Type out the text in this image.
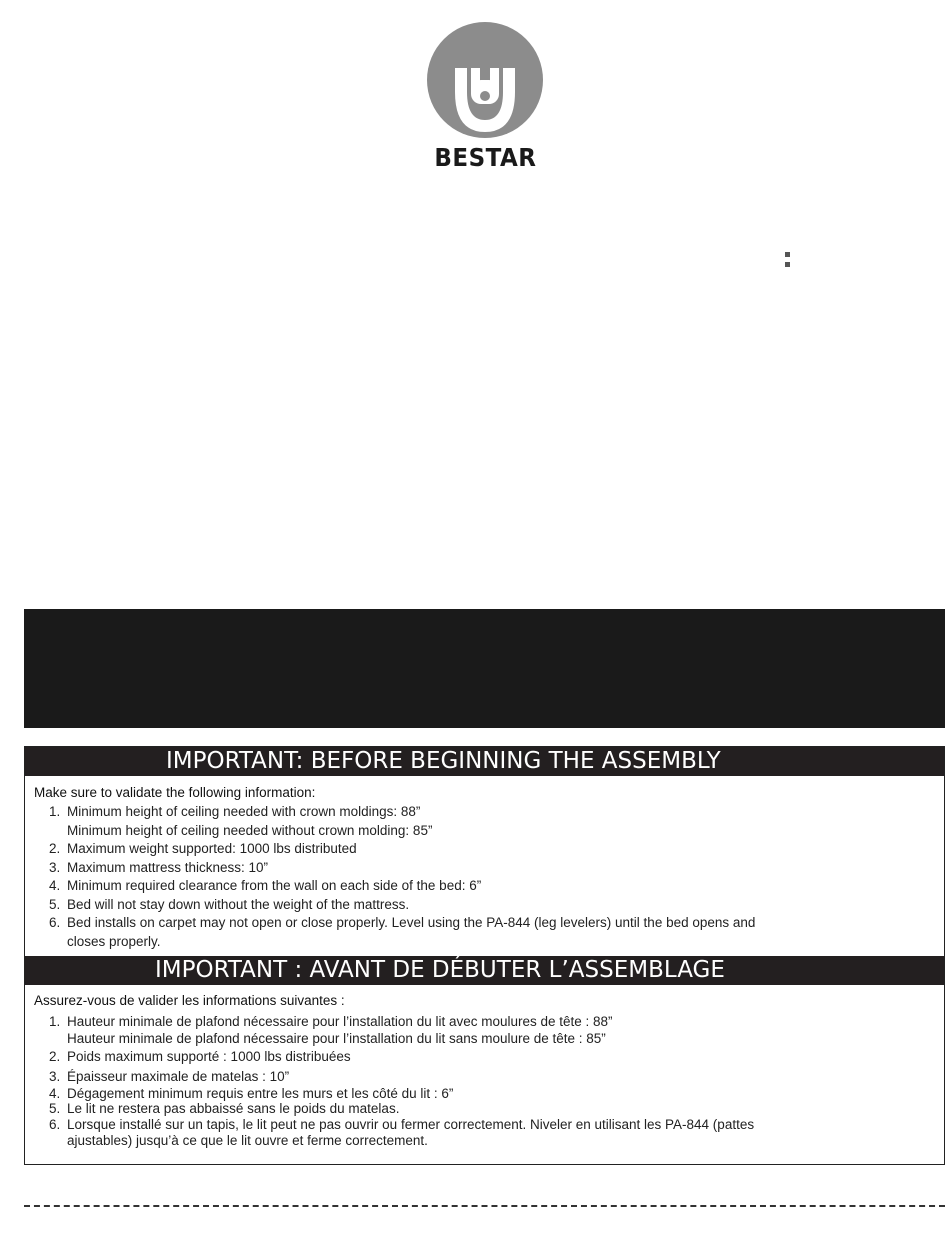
BESTAR
IMPORTANT: BEFORE BEGINNING THE ASSEMBLY
Make sure to validate the following information:
1. Minimum height of ceiling needed with crown moldings: 88”
Minimum height of ceiling needed without crown molding: 85”
2. Maximum weight supported: 1000 lbs distributed
3. Maximum mattress thickness: 10”
4. Minimum required clearance from the wall on each side of the bed: 6”
5. Bed will not stay down without the weight of the mattress.
6. Bed installs on carpet may not open or close properly. Level using the PA-844 (leg levelers) until the bed opens and
closes properly.
IMPORTANT : AVANT DE DÉBUTER L’ASSEMBLAGE
Assurez-vous de valider les informations suivantes :
1. Hauteur minimale de plafond nécessaire pour l’installation du lit avec moulures de tête : 88”
Hauteur minimale de plafond nécessaire pour l’installation du lit sans moulure de tête : 85”
2. Poids maximum supporté : 1000 lbs distribuées
3. Épaisseur maximale de matelas : 10”
4. Dégagement minimum requis entre les murs et les côté du lit : 6”
5. Le lit ne restera pas abbaissé sans le poids du matelas.
6. Lorsque installé sur un tapis, le lit peut ne pas ouvrir ou fermer correctement. Niveler en utilisant les PA-844 (pattes
ajustables) jusqu’à ce que le lit ouvre et ferme correctement.
